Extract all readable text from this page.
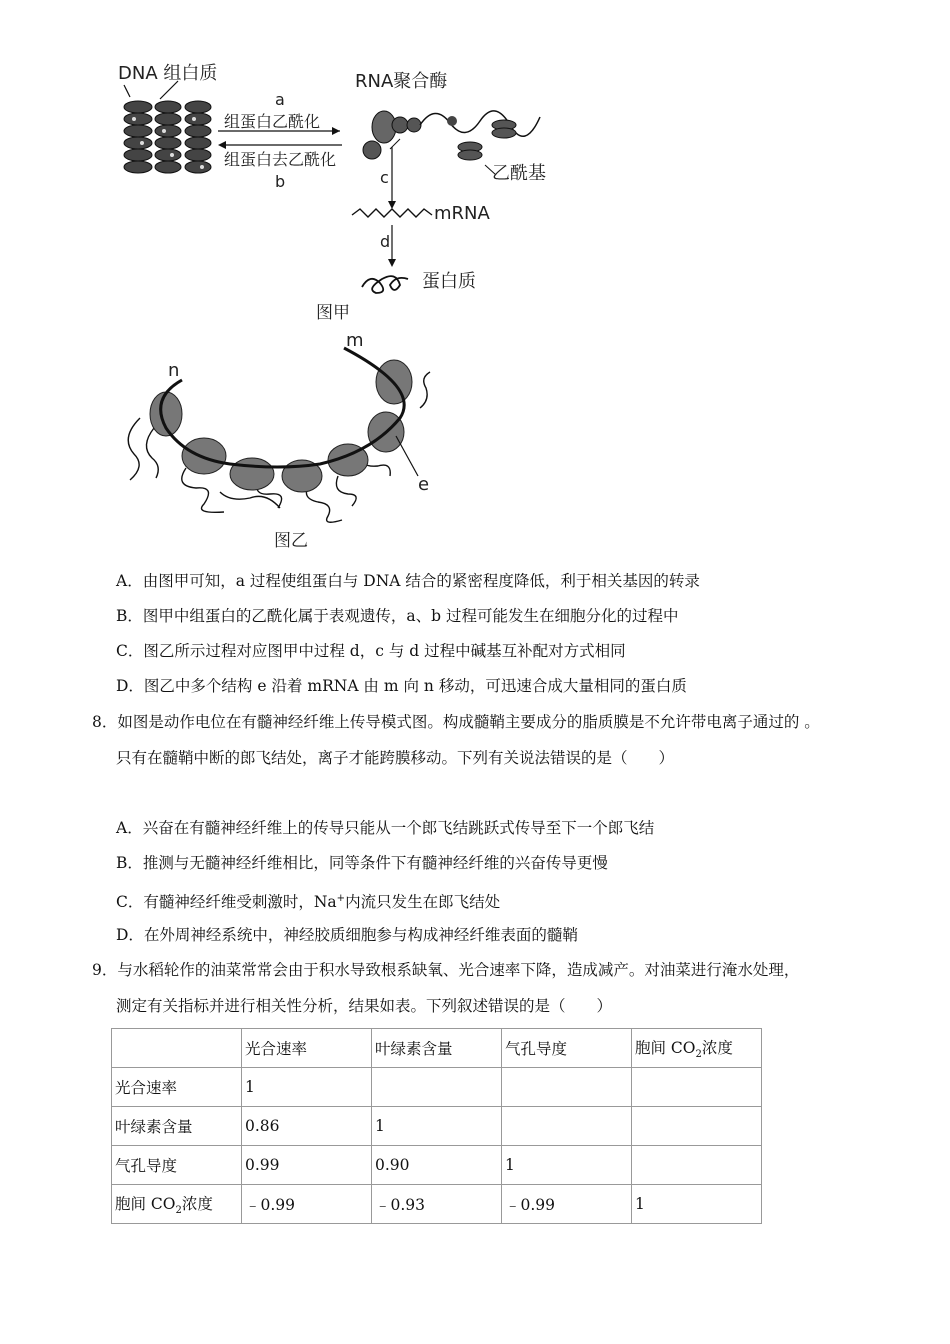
DNA 组白质
a
组蛋白乙酰化
组蛋白去乙酰化
b
RNA聚合酶
乙酰基
c
mRNA
d
蛋白质
图甲
n
m
e
图乙
A．由图甲可知，a 过程使组蛋白与 DNA 结合的紧密程度降低，利于相关基因的转录
B．图甲中组蛋白的乙酰化属于表观遗传，a、b 过程可能发生在细胞分化的过程中
C．图乙所示过程对应图甲中过程 d，c 与 d 过程中碱基互补配对方式相同
D．图乙中多个结构 e 沿着 mRNA 由 m 向 n 移动，可迅速合成大量相同的蛋白质
8．如图是动作电位在有髓神经纤维上传导模式图。构成髓鞘主要成分的脂质膜是不允许带电离子通过的 。
只有在髓鞘中断的郎飞结处，离子才能跨膜移动。下列有关说法错误的是（　　）
A．兴奋在有髓神经纤维上的传导只能从一个郎飞结跳跃式传导至下一个郎飞结
B．推测与无髓神经纤维相比，同等条件下有髓神经纤维的兴奋传导更慢
C．有髓神经纤维受刺激时，Na+内流只发生在郎飞结处
D．在外周神经系统中，神经胶质细胞参与构成神经纤维表面的髓鞘
9．与水稻轮作的油菜常常会由于积水导致根系缺氧、光合速率下降，造成减产。对油菜进行淹水处理，
测定有关指标并进行相关性分析，结果如表。下列叙述错误的是（　　）
	光合速率	叶绿素含量	气孔导度	胞间 $CO_2$浓度
光合速率	1			
叶绿素含量	0.86	1		
气孔导度	0.99	0.90	1	
胞间 $CO_2$浓度	﹣0.99	﹣0.93	﹣0.99	1
